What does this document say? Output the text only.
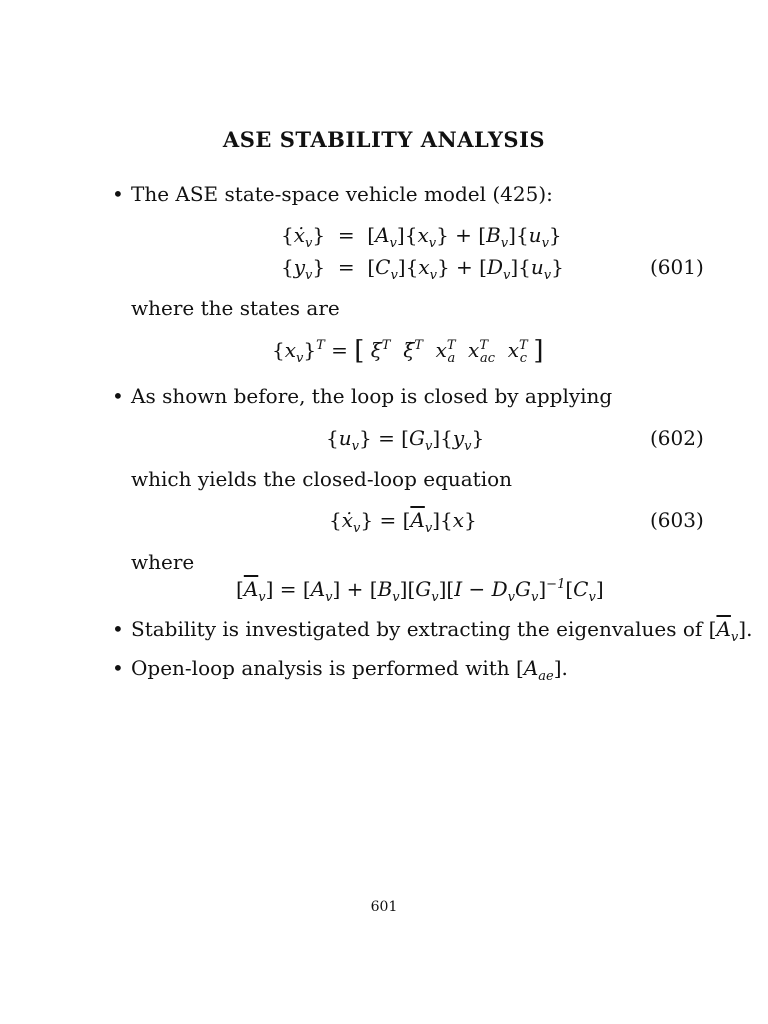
ASE STABILITY ANALYSIS
• The ASE state-space vehicle model (425):
{ẋ$_v$}  =  $[A_v]\{x_v\} + [B_v]\{u_v\}$
$\{y_v\} = [C_v]\{x_v\} + [D_v]\{u_v\}$	(601)
where the states are
$\{x_v\}^T$ = [ $\xi^T$ ξ̇$^T$ $x^T_a$ $x^T_{ac}$ $x^T_c$ ]
• As shown before, the loop is closed by applying
$\{u_v\} = [G_v]\{y_v\}$	(602)
which yields the closed-loop equation
{ẋ$_v$} = $[\overline{A}_v]\{x\}$	(603)
where
$[\overline{A}_v] = [A_v] + [B_v][G_v][I - D_vG_v]^{-1}[C_v]$
• Stability is investigated by extracting the eigenvalues of $[\overline{A}_v]$.
• Open-loop analysis is performed with $[A_{ae}]$.
601
